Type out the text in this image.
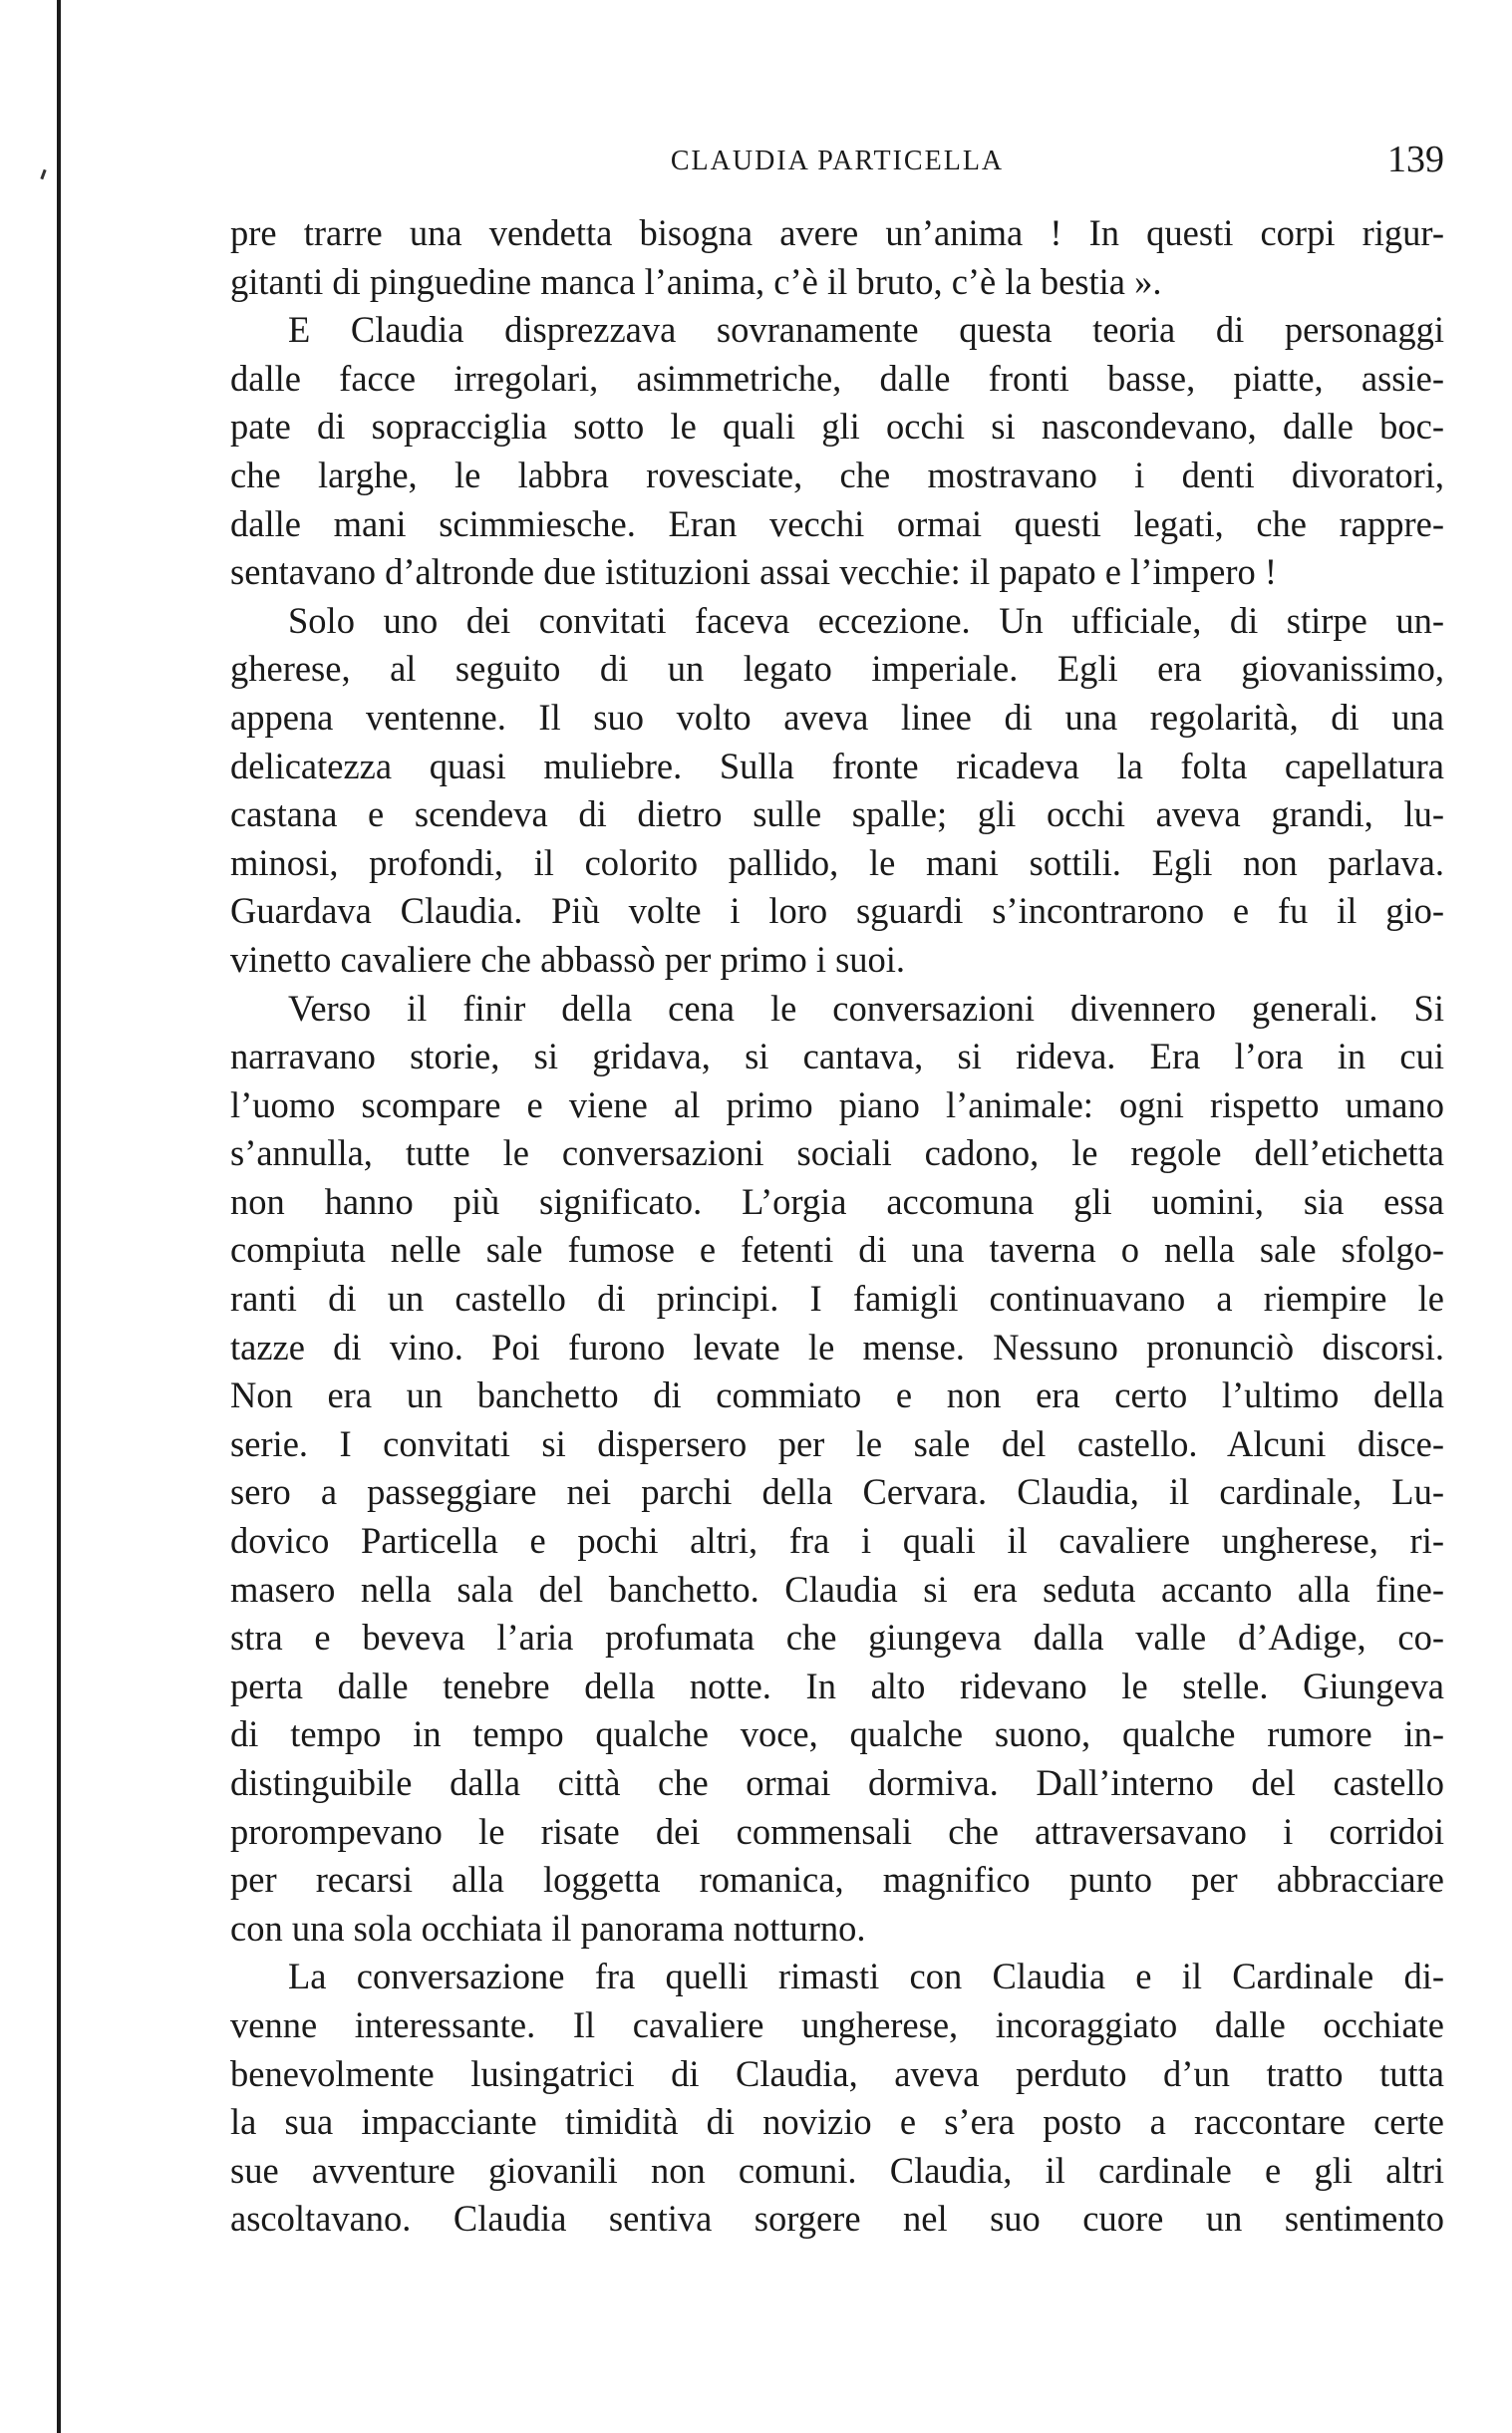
CLAUDIA PARTICELLA	139
pre trarre una vendetta bisogna avere un’anima ! In questi corpi rigur-
gitanti di pinguedine manca l’anima, c’è il bruto, c’è la bestia ».
E Claudia disprezzava sovranamente questa teoria di personaggi
dalle facce irregolari, asimmetriche, dalle fronti basse, piatte, assie-
pate di sopracciglia sotto le quali gli occhi si nascondevano, dalle boc-
che larghe, le labbra rovesciate, che mostravano i denti divoratori,
dalle mani scimmiesche. Eran vecchi ormai questi legati, che rappre-
sentavano d’altronde due istituzioni assai vecchie: il papato e l’impero !
Solo uno dei convitati faceva eccezione. Un ufficiale, di stirpe un-
gherese, al seguito di un legato imperiale. Egli era giovanissimo,
appena ventenne. Il suo volto aveva linee di una regolarità, di una
delicatezza quasi muliebre. Sulla fronte ricadeva la folta capellatura
castana e scendeva di dietro sulle spalle; gli occhi aveva grandi, lu-
minosi, profondi, il colorito pallido, le mani sottili. Egli non parlava.
Guardava Claudia. Più volte i loro sguardi s’incontrarono e fu il gio-
vinetto cavaliere che abbassò per primo i suoi.
Verso il finir della cena le conversazioni divennero generali. Si
narravano storie, si gridava, si cantava, si rideva. Era l’ora in cui
l’uomo scompare e viene al primo piano l’animale: ogni rispetto umano
s’annulla, tutte le conversazioni sociali cadono, le regole dell’etichetta
non hanno più significato. L’orgia accomuna gli uomini, sia essa
compiuta nelle sale fumose e fetenti di una taverna o nella sale sfolgo-
ranti di un castello di principi. I famigli continuavano a riempire le
tazze di vino. Poi furono levate le mense. Nessuno pronunciò discorsi.
Non era un banchetto di commiato e non era certo l’ultimo della
serie. I convitati si dispersero per le sale del castello. Alcuni disce-
sero a passeggiare nei parchi della Cervara. Claudia, il cardinale, Lu-
dovico Particella e pochi altri, fra i quali il cavaliere ungherese, ri-
masero nella sala del banchetto. Claudia si era seduta accanto alla fine-
stra e beveva l’aria profumata che giungeva dalla valle d’Adige, co-
perta dalle tenebre della notte. In alto ridevano le stelle. Giungeva
di tempo in tempo qualche voce, qualche suono, qualche rumore in-
distinguibile dalla città che ormai dormiva. Dall’interno del castello
prorompevano le risate dei commensali che attraversavano i corridoi
per recarsi alla loggetta romanica, magnifico punto per abbracciare
con una sola occhiata il panorama notturno.
La conversazione fra quelli rimasti con Claudia e il Cardinale di-
venne interessante. Il cavaliere ungherese, incoraggiato dalle occhiate
benevolmente lusingatrici di Claudia, aveva perduto d’un tratto tutta
la sua impacciante timidità di novizio e s’era posto a raccontare certe
sue avventure giovanili non comuni. Claudia, il cardinale e gli altri
ascoltavano. Claudia sentiva sorgere nel suo cuore un sentimento
